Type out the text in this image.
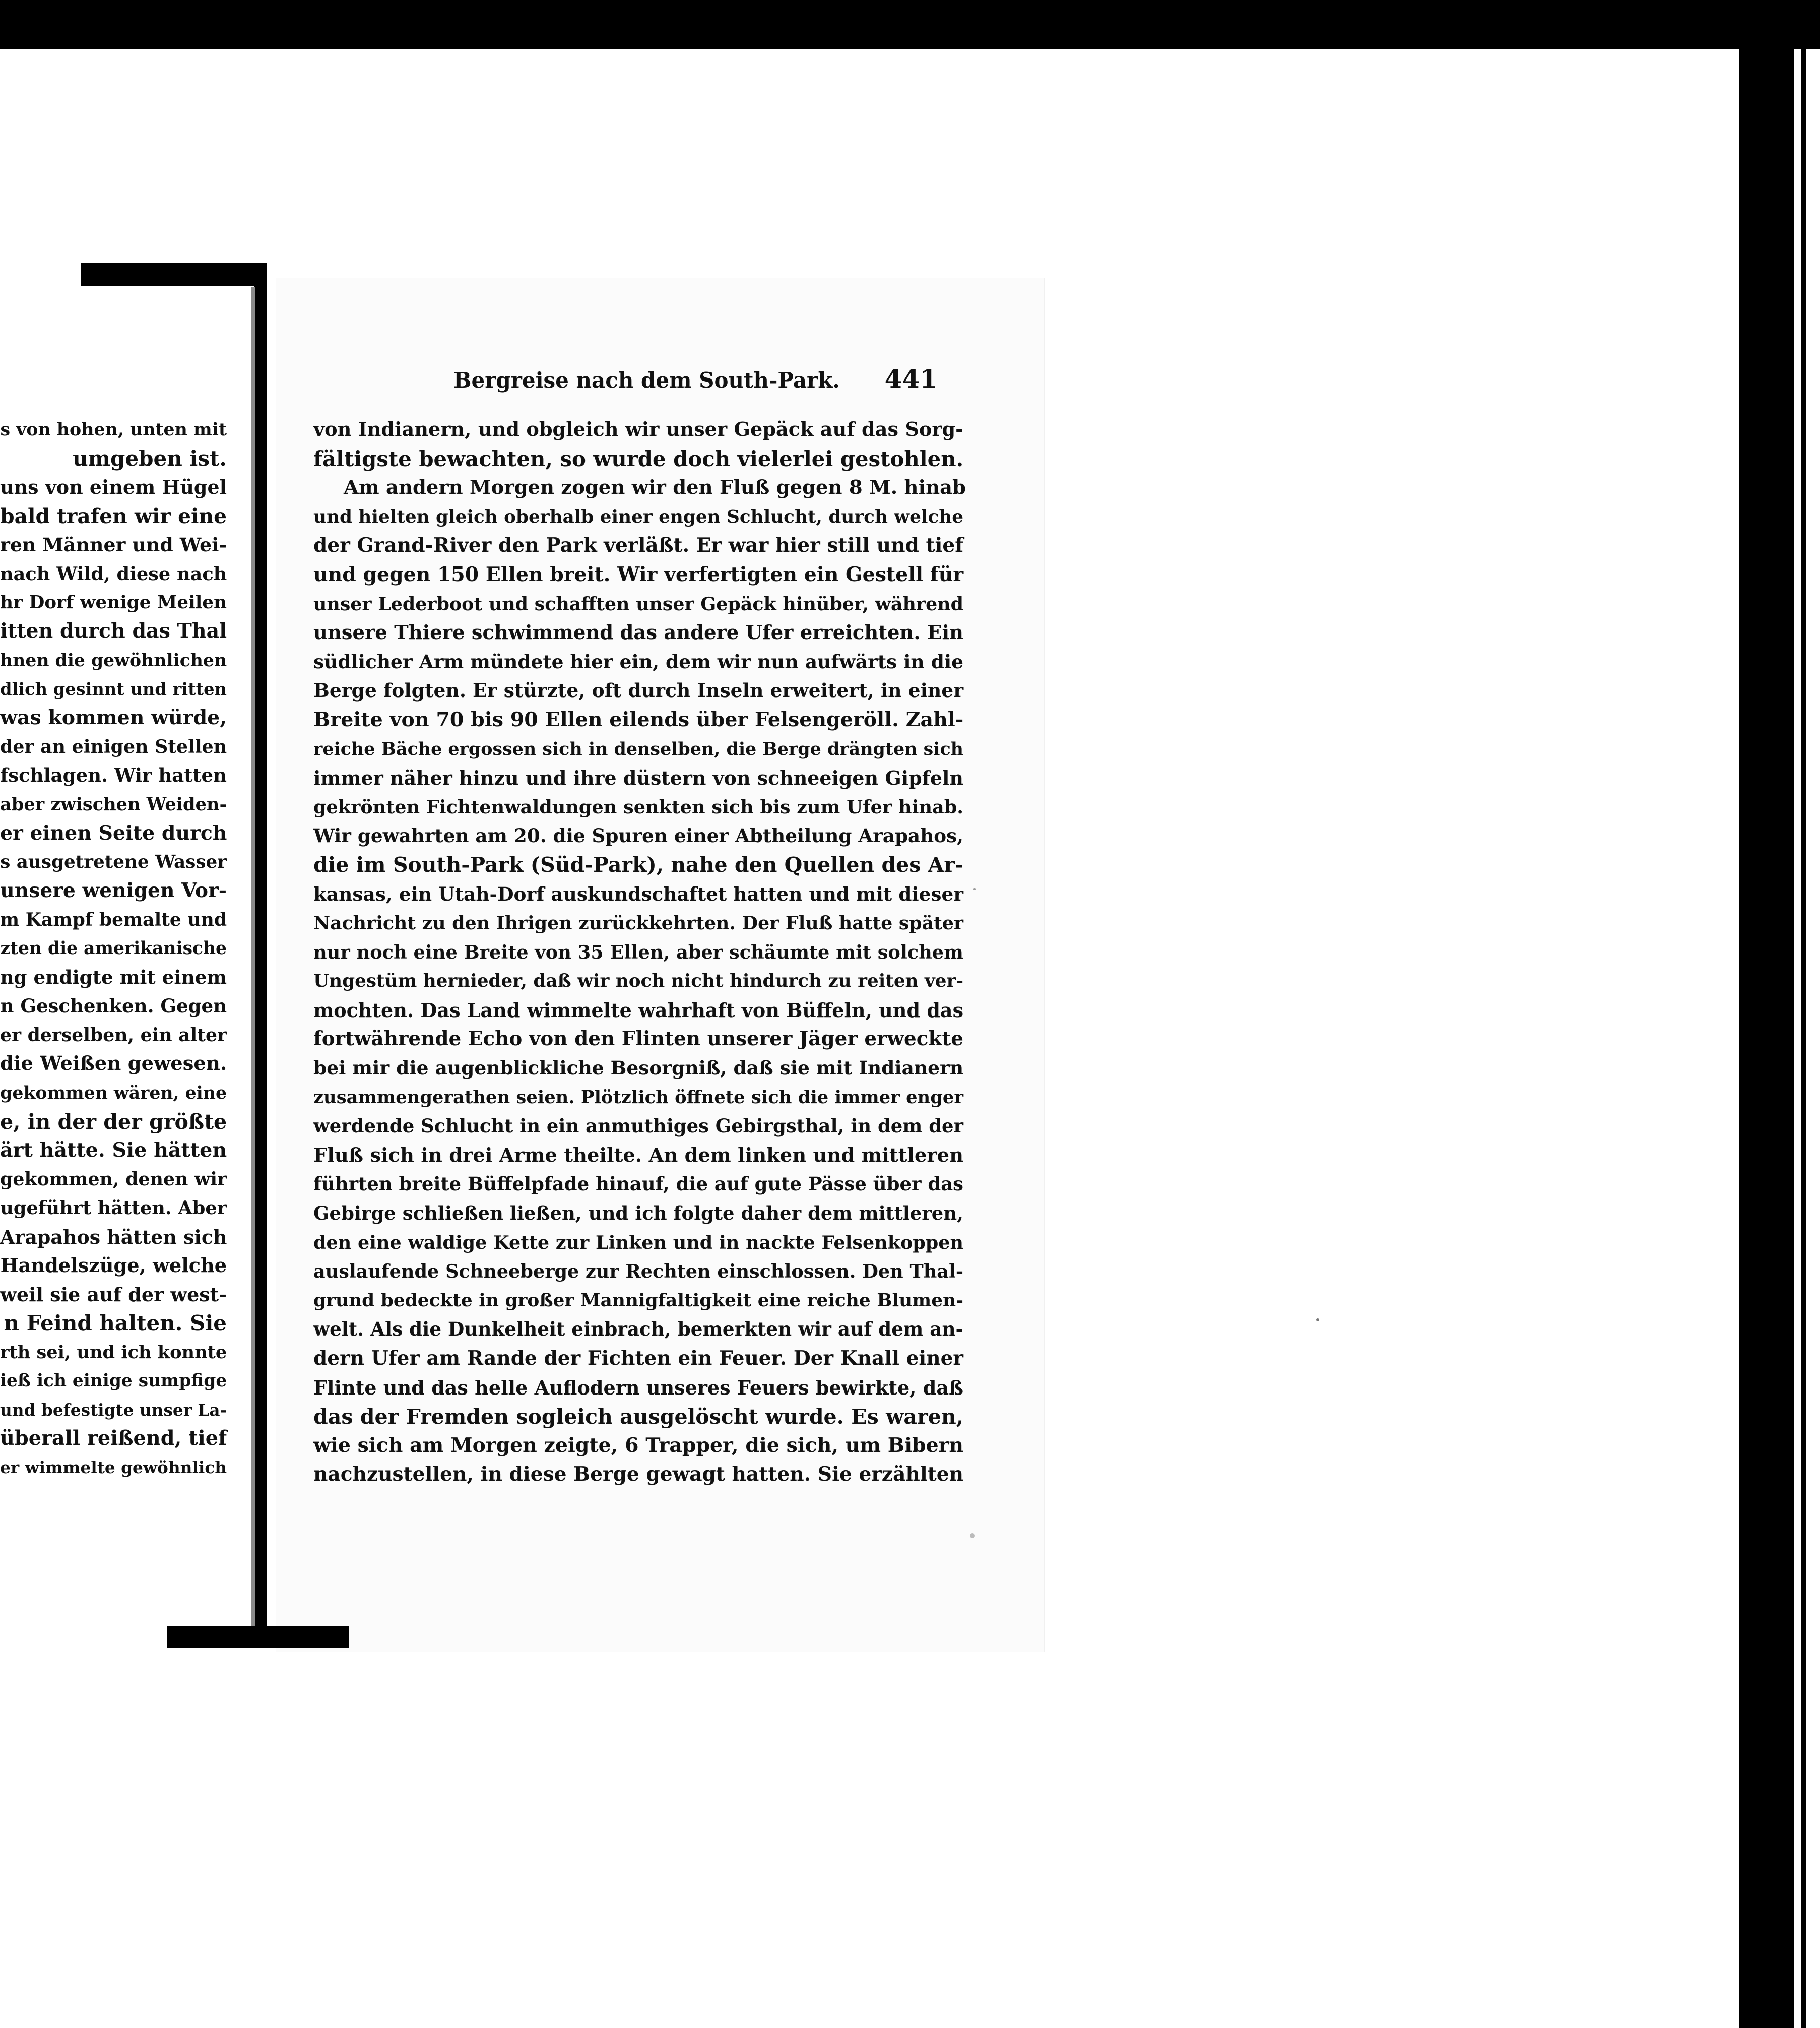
s von hohen, unten mit
umgeben ist.
uns von einem Hügel
bald trafen wir eine
ren Männer und Wei-
nach Wild, diese nach
hr Dorf wenige Meilen
itten durch das Thal
hnen die gewöhnlichen
dlich gesinnt und ritten
was kommen würde,
der an einigen Stellen
fschlagen. Wir hatten
aber zwischen Weiden-
er einen Seite durch
s ausgetretene Wasser
unsere wenigen Vor-
m Kampf bemalte und
zten die amerikanische
ng endigte mit einem
n Geschenken. Gegen
er derselben, ein alter
die Weißen gewesen.
gekommen wären, eine
e, in der der größte
ärt hätte. Sie hätten
gekommen, denen wir
ugeführt hätten. Aber
Arapahos hätten sich
Handelszüge, welche
weil sie auf der west-
n Feind halten. Sie
rth sei, und ich konnte
ieß ich einige sumpfige
und befestigte unser La-
überall reißend, tief
er wimmelte gewöhnlich
Bergreise nach dem South-Park. 441
von Indianern, und obgleich wir unser Gepäck auf das Sorg-
fältigste bewachten, so wurde doch vielerlei gestohlen.
Am andern Morgen zogen wir den Fluß gegen 8 M. hinab
und hielten gleich oberhalb einer engen Schlucht, durch welche
der Grand-River den Park verläßt. Er war hier still und tief
und gegen 150 Ellen breit. Wir verfertigten ein Gestell für
unser Lederboot und schafften unser Gepäck hinüber, während
unsere Thiere schwimmend das andere Ufer erreichten. Ein
südlicher Arm mündete hier ein, dem wir nun aufwärts in die
Berge folgten. Er stürzte, oft durch Inseln erweitert, in einer
Breite von 70 bis 90 Ellen eilends über Felsengeröll. Zahl-
reiche Bäche ergossen sich in denselben, die Berge drängten sich
immer näher hinzu und ihre düstern von schneeigen Gipfeln
gekrönten Fichtenwaldungen senkten sich bis zum Ufer hinab.
Wir gewahrten am 20. die Spuren einer Abtheilung Arapahos,
die im South-Park (Süd-Park), nahe den Quellen des Ar-
kansas, ein Utah-Dorf auskundschaftet hatten und mit dieser
Nachricht zu den Ihrigen zurückkehrten. Der Fluß hatte später
nur noch eine Breite von 35 Ellen, aber schäumte mit solchem
Ungestüm hernieder, daß wir noch nicht hindurch zu reiten ver-
mochten. Das Land wimmelte wahrhaft von Büffeln, und das
fortwährende Echo von den Flinten unserer Jäger erweckte
bei mir die augenblickliche Besorgniß, daß sie mit Indianern
zusammengerathen seien. Plötzlich öffnete sich die immer enger
werdende Schlucht in ein anmuthiges Gebirgsthal, in dem der
Fluß sich in drei Arme theilte. An dem linken und mittleren
führten breite Büffelpfade hinauf, die auf gute Pässe über das
Gebirge schließen ließen, und ich folgte daher dem mittleren,
den eine waldige Kette zur Linken und in nackte Felsenkoppen
auslaufende Schneeberge zur Rechten einschlossen. Den Thal-
grund bedeckte in großer Mannigfaltigkeit eine reiche Blumen-
welt. Als die Dunkelheit einbrach, bemerkten wir auf dem an-
dern Ufer am Rande der Fichten ein Feuer. Der Knall einer
Flinte und das helle Auflodern unseres Feuers bewirkte, daß
das der Fremden sogleich ausgelöscht wurde. Es waren,
wie sich am Morgen zeigte, 6 Trapper, die sich, um Bibern
nachzustellen, in diese Berge gewagt hatten. Sie erzählten
